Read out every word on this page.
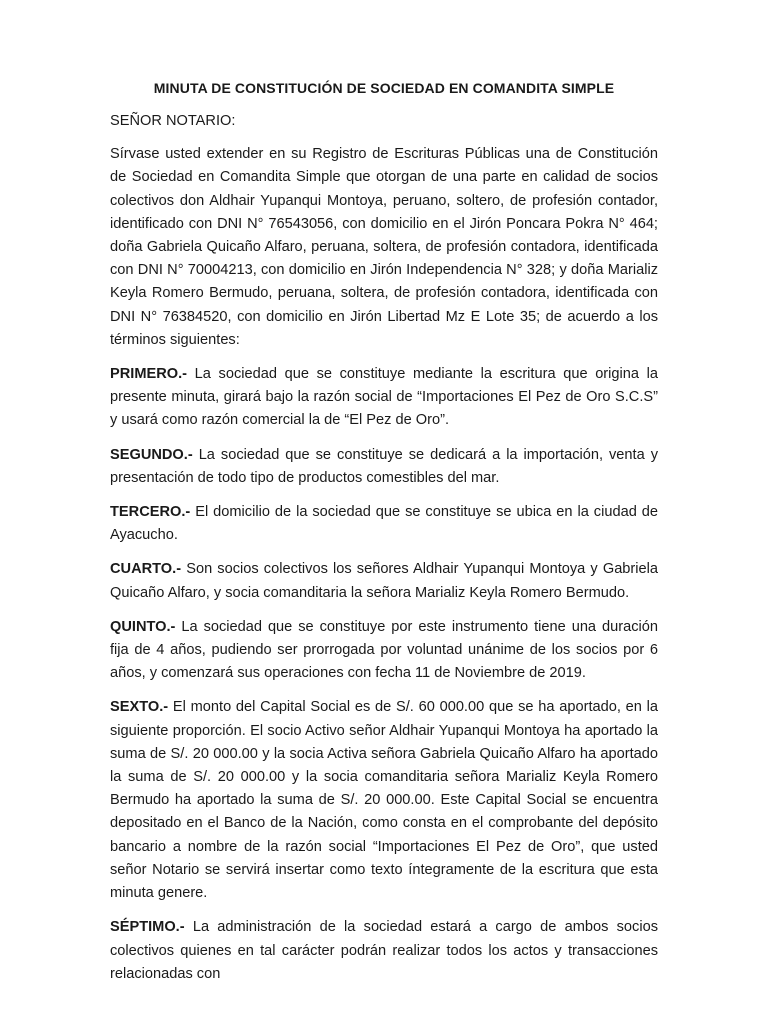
MINUTA DE CONSTITUCIÓN DE SOCIEDAD EN COMANDITA SIMPLE
SEÑOR NOTARIO:
Sírvase usted extender en su Registro de Escrituras Públicas una de Constitución de Sociedad en Comandita Simple que otorgan de una parte en calidad de socios colectivos don Aldhair Yupanqui Montoya, peruano, soltero, de profesión contador, identificado con DNI N° 76543056, con domicilio en el Jirón Poncara Pokra N° 464; doña Gabriela Quicaño Alfaro, peruana, soltera, de profesión contadora, identificada con DNI N° 70004213, con domicilio en Jirón Independencia N° 328; y doña Marializ Keyla Romero Bermudo, peruana, soltera, de profesión contadora, identificada con DNI N° 76384520, con domicilio en Jirón Libertad Mz E Lote 35; de acuerdo a los términos siguientes:
PRIMERO.- La sociedad que se constituye mediante la escritura que origina la presente minuta, girará bajo la razón social de “Importaciones El Pez de Oro S.C.S” y usará como razón comercial la de “El Pez de Oro”.
SEGUNDO.- La sociedad que se constituye se dedicará a la importación, venta y presentación de todo tipo de productos comestibles del mar.
TERCERO.- El domicilio de la sociedad que se constituye se ubica en la ciudad de Ayacucho.
CUARTO.- Son socios colectivos los señores Aldhair Yupanqui Montoya y Gabriela Quicaño Alfaro, y socia comanditaria la señora Marializ Keyla Romero Bermudo.
QUINTO.- La sociedad que se constituye por este instrumento tiene una duración fija de 4 años, pudiendo ser prorrogada por voluntad unánime de los socios por 6 años, y comenzará sus operaciones con fecha 11 de Noviembre de 2019.
SEXTO.- El monto del Capital Social es de S/. 60 000.00 que se ha aportado, en la siguiente proporción. El socio Activo señor Aldhair Yupanqui Montoya ha aportado la suma de S/. 20 000.00 y la socia Activa señora Gabriela Quicaño Alfaro ha aportado la suma de S/. 20 000.00 y la socia comanditaria señora Marializ Keyla Romero Bermudo ha aportado la suma de S/. 20 000.00. Este Capital Social se encuentra depositado en el Banco de la Nación, como consta en el comprobante del depósito bancario a nombre de la razón social “Importaciones El Pez de Oro”, que usted señor Notario se servirá insertar como texto íntegramente de la escritura que esta minuta genere.
SÉPTIMO.- La administración de la sociedad estará a cargo de ambos socios colectivos quienes en tal carácter podrán realizar todos los actos y transacciones relacionadas con
